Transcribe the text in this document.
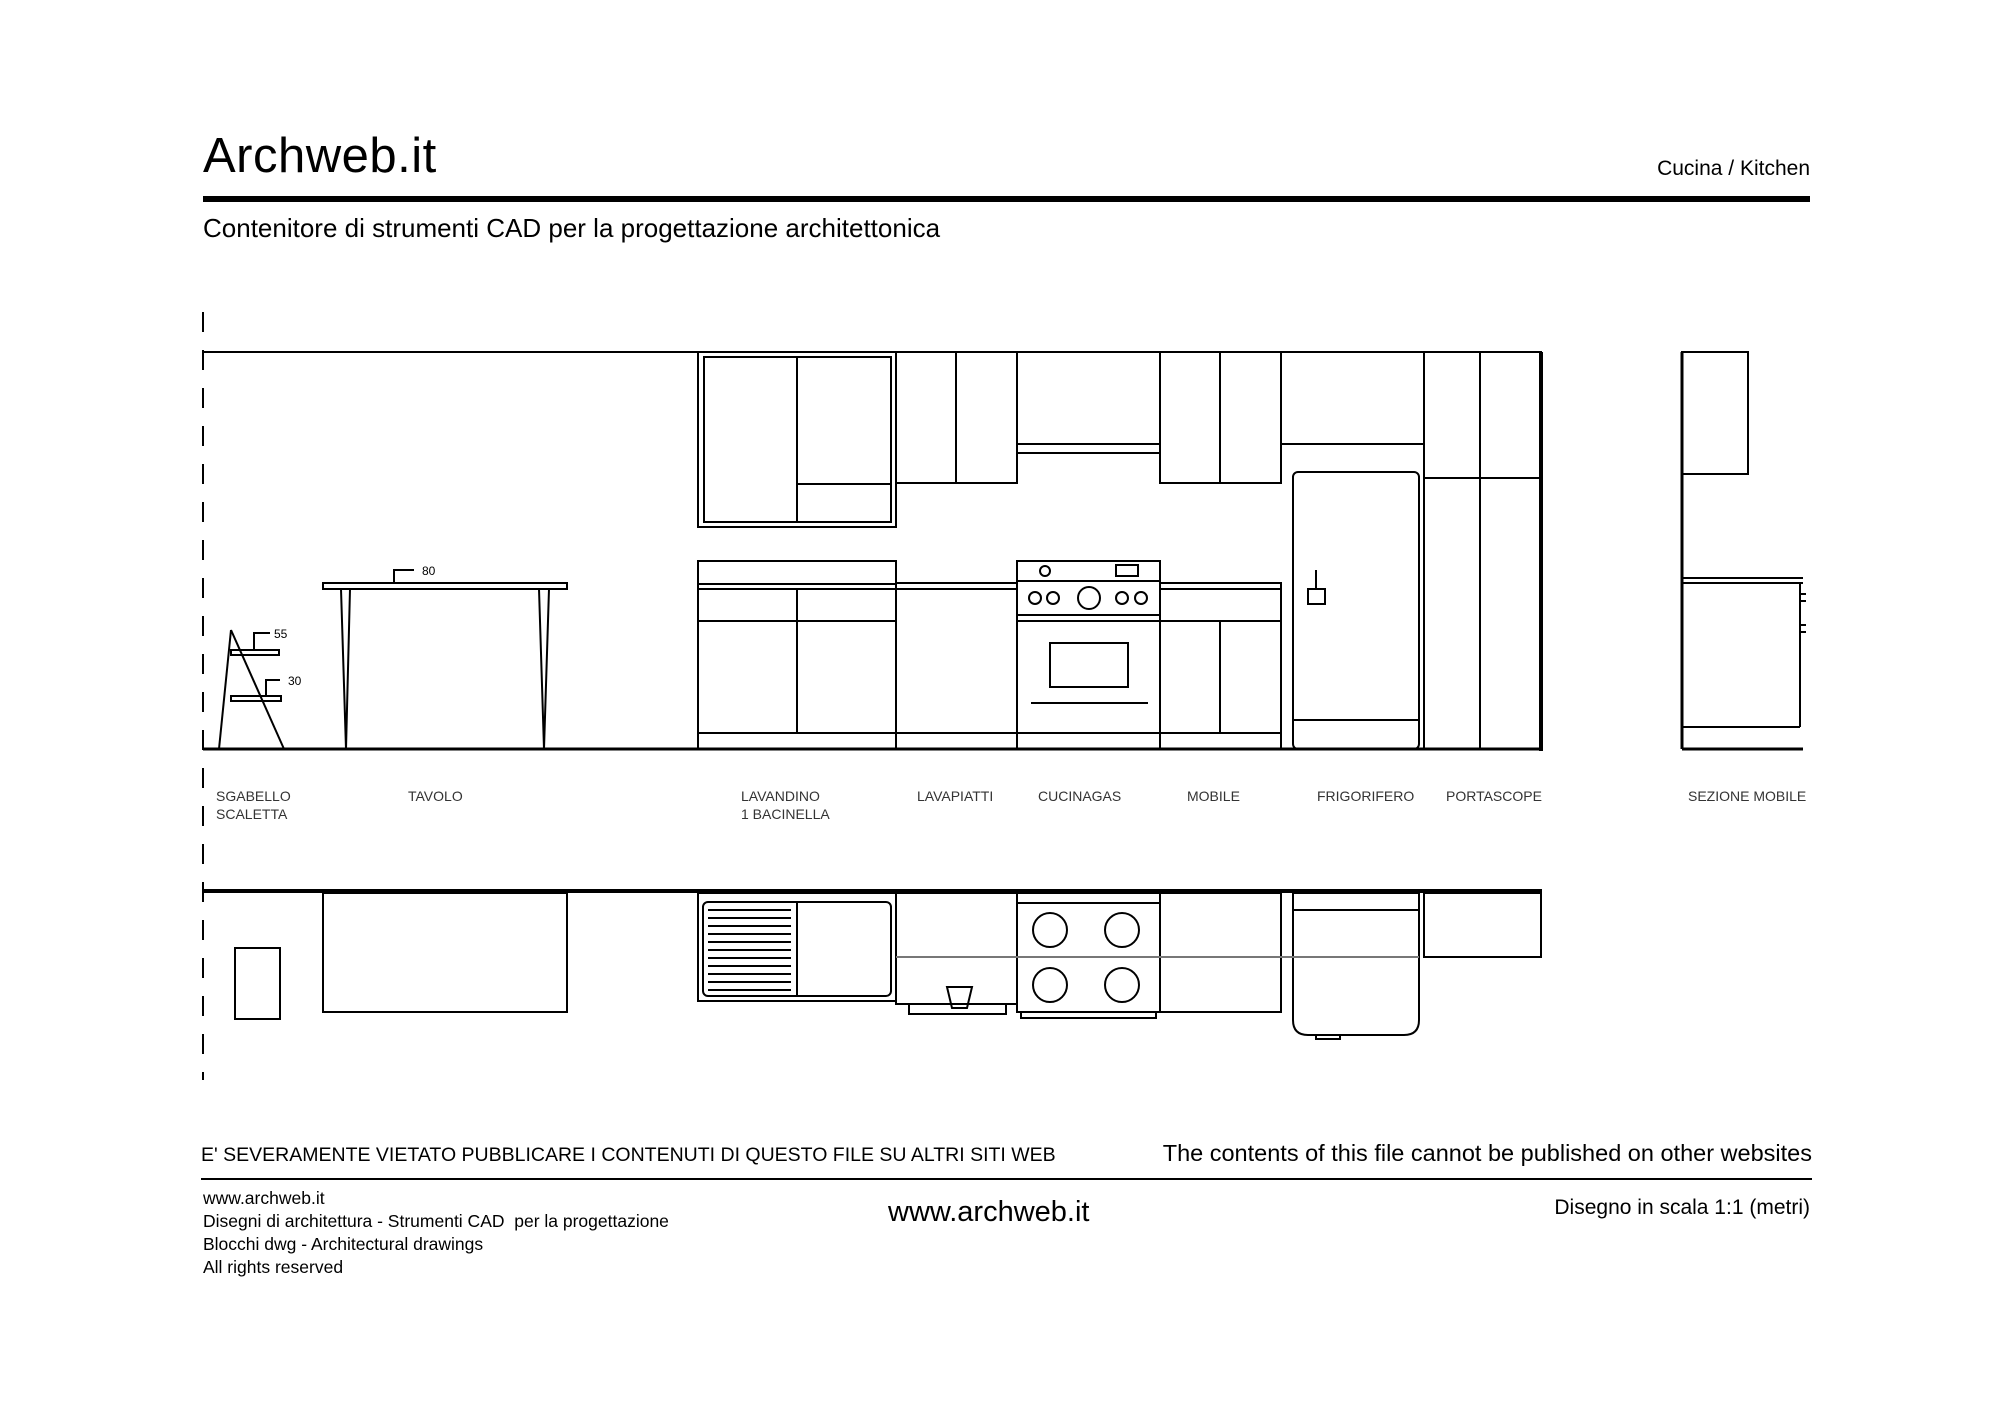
Archweb.it	Cucina / Kitchen
Contenitore di strumenti CAD per la progettazione architettonica
55
30
80
SGABELLO
SCALETTA
TAVOLO	LAVANDINO
1 BACINELLA
LAVAPIATTI	CUCINAGAS	MOBILE	FRIGORIFERO PORTASCOPE	SEZIONE MOBILE
E' SEVERAMENTE VIETATO PUBBLICARE I CONTENUTI DI QUESTO FILE SU ALTRI SITI WEB	The contents of this file cannot be published on other websites
www.archweb.it
Disegni di architettura - Strumenti CAD  per la progettazione
Blocchi dwg - Architectural drawings
All rights reserved
www.archweb.it	Disegno in scala 1:1 (metri)
